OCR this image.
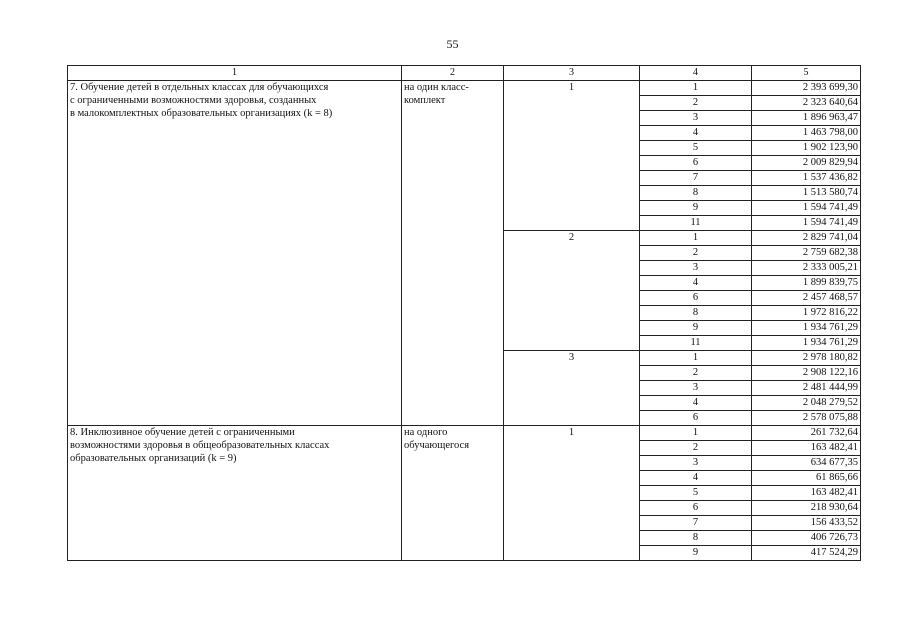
55
1	2	3	4	5

7. Обучение детей в отдельных классах для обучающихся
с ограниченными возможностями здоровья, созданных
в малокомплектных образовательных организациях (k = 8)	на один класс-
комплект	1	1	2 393 699,30
			2	2 323 640,64
			3	1 896 963,47
			4	1 463 798,00
			5	1 902 123,90
			6	2 009 829,94
			7	1 537 436,82
			8	1 513 580,74
			9	1 594 741,49
			11	1 594 741,49
		2	1	2 829 741,04
			2	2 759 682,38
			3	2 333 005,21
			4	1 899 839,75
			6	2 457 468,57
			8	1 972 816,22
			9	1 934 761,29
			11	1 934 761,29
		3	1	2 978 180,82
			2	2 908 122,16
			3	2 481 444,99
			4	2 048 279,52
			6	2 578 075,88

8. Инклюзивное обучение детей с ограниченными
возможностями здоровья в общеобразовательных классах
образовательных организаций (k = 9)	на одного
обучающегося	1	1	261 732,64
			2	163 482,41
			3	634 677,35
			4	61 865,66
			5	163 482,41
			6	218 930,64
			7	156 433,52
			8	406 726,73
			9	417 524,29
